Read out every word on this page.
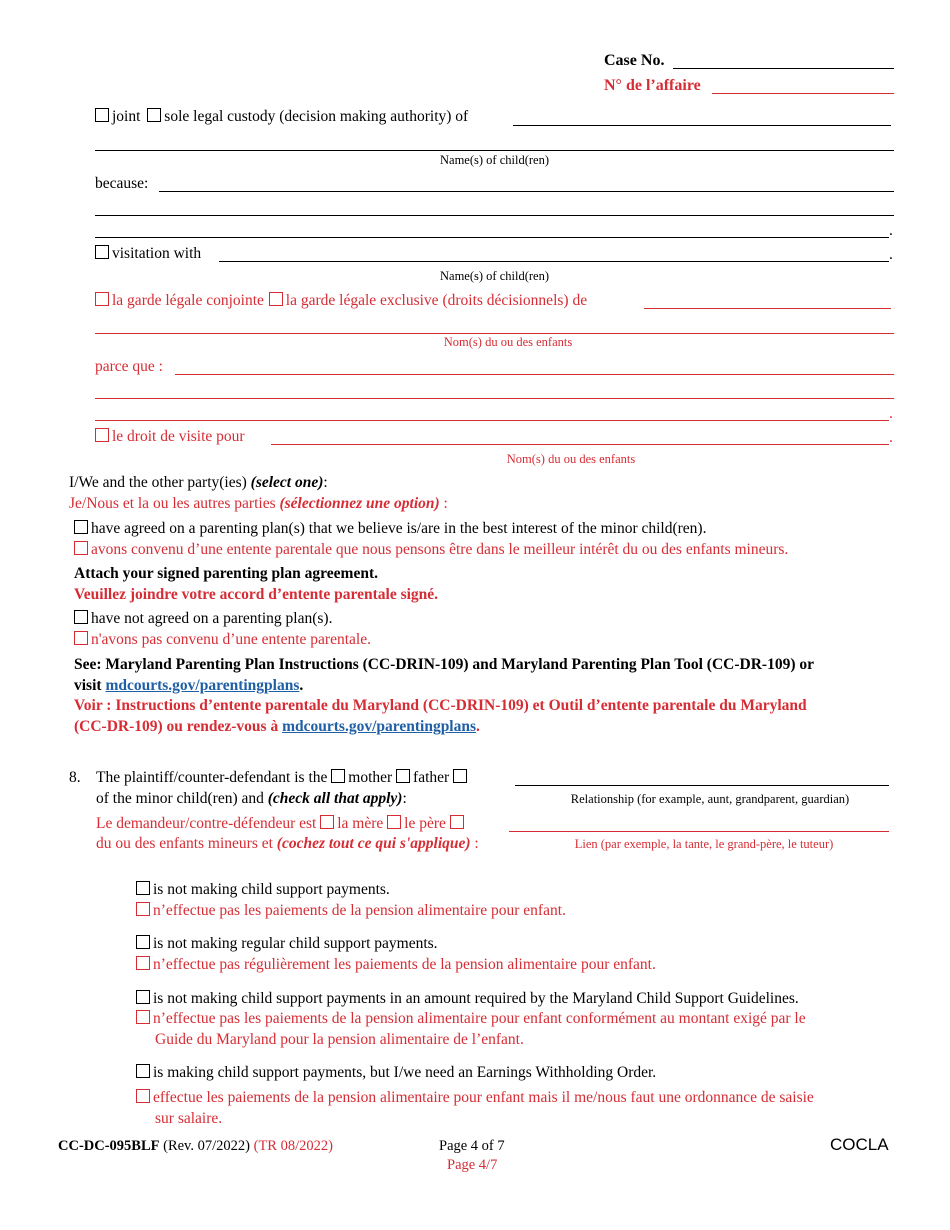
Case No.
N° de l’affaire
joint sole legal custody (decision making authority) of
Name(s) of child(ren)
because:
.
visitation with	.
Name(s) of child(ren)
la garde légale conjointe la garde légale exclusive (droits décisionnels) de
Nom(s) du ou des enfants
parce que :
.
le droit de visite pour	.
Nom(s) du ou des enfants
I/We and the other party(ies) (select one):
Je/Nous et la ou les autres parties (sélectionnez une option) :
have agreed on a parenting plan(s) that we believe is/are in the best interest of the minor child(ren).
avons convenu d’une entente parentale que nous pensons être dans le meilleur intérêt du ou des enfants mineurs.
Attach your signed parenting plan agreement.
Veuillez joindre votre accord d’entente parentale signé.
have not agreed on a parenting plan(s).
n'avons pas convenu d’une entente parentale.
See: Maryland Parenting Plan Instructions (CC-DRIN-109) and Maryland Parenting Plan Tool (CC-DR-109) or
visit mdcourts.gov/parentingplans.
Voir : Instructions d’entente parentale du Maryland (CC-DRIN-109) et Outil d’entente parentale du Maryland
(CC-DR-109) ou rendez-vous à mdcourts.gov/parentingplans.
8. The plaintiff/counter-defendant is the mother father
of the minor child(ren) and (check all that apply):	Relationship (for example, aunt, grandparent, guardian)
Le demandeur/contre-défendeur est la mère le père
du ou des enfants mineurs et (cochez tout ce qui s'applique) :	Lien (par exemple, la tante, le grand-père, le tuteur)
is not making child support payments.
n’effectue pas les paiements de la pension alimentaire pour enfant.
is not making regular child support payments.
n’effectue pas régulièrement les paiements de la pension alimentaire pour enfant.
is not making child support payments in an amount required by the Maryland Child Support Guidelines.
n’effectue pas les paiements de la pension alimentaire pour enfant conformément au montant exigé par le
Guide du Maryland pour la pension alimentaire de l’enfant.
is making child support payments, but I/we need an Earnings Withholding Order.
effectue les paiements de la pension alimentaire pour enfant mais il me/nous faut une ordonnance de saisie
sur salaire.
CC-DC-095BLF (Rev. 07/2022) (TR 08/2022)	Page 4 of 7
Page 4/7
COCLA
